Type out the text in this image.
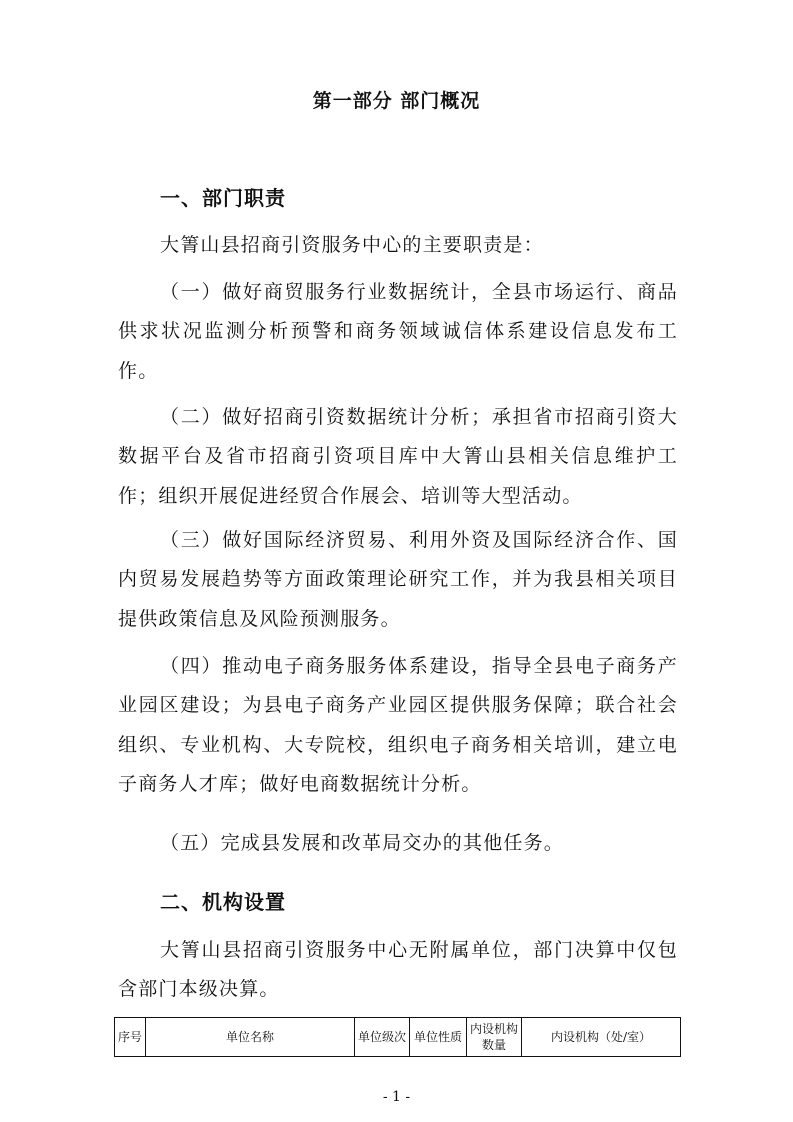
第一部分 部门概况
一、部门职责

大箐山县招商引资服务中心的主要职责是：

（一）做好商贸服务行业数据统计，全县市场运行、商品供求状况监测分析预警和商务领域诚信体系建设信息发布工作。

（二）做好招商引资数据统计分析；承担省市招商引资大数据平台及省市招商引资项目库中大箐山县相关信息维护工作；组织开展促进经贸合作展会、培训等大型活动。

（三）做好国际经济贸易、利用外资及国际经济合作、国内贸易发展趋势等方面政策理论研究工作，并为我县相关项目提供政策信息及风险预测服务。

（四）推动电子商务服务体系建设，指导全县电子商务产业园区建设；为县电子商务产业园区提供服务保障；联合社会组织、专业机构、大专院校，组织电子商务相关培训，建立电子商务人才库；做好电商数据统计分析。

（五）完成县发展和改革局交办的其他任务。

二、机构设置

大箐山县招商引资服务中心无附属单位，部门决算中仅包含部门本级决算。

序号	单位名称	单位级次	单位性质	内设机构数量	内设机构（处/室）
- 1 -
